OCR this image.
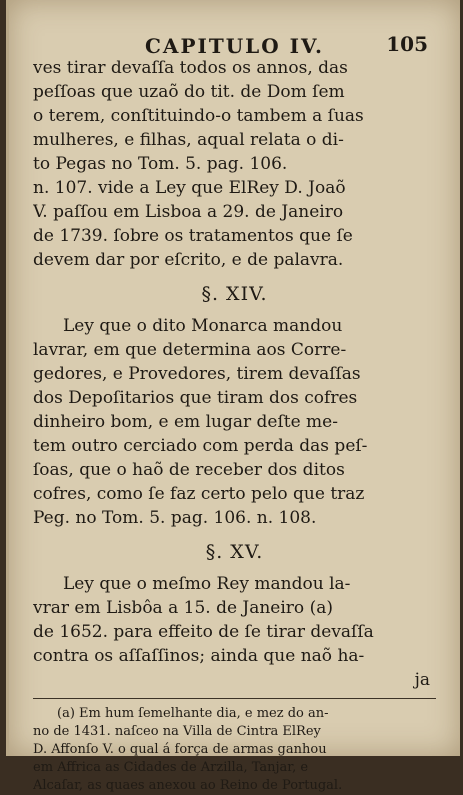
CAPITULO IV.	105
ves tirar devaſſa todos os annos, das
peſſoas que uzaõ do tit. de Dom ſem
o terem, conſtituindo-o tambem a ſuas
mulheres, e filhas, aqual relata o di-
to Pegas no Tom. 5. pag. 106.
n. 107. vide a Ley que ElRey D. Joaõ
V. paſſou em Lisboa a 29. de Janeiro
de 1739. ſobre os tratamentos que ſe
devem dar por eſcrito, e de palavra.
§. XIV.
Ley que o dito Monarca mandou
lavrar, em que determina aos Corre-
gedores, e Provedores, tirem devaſſas
dos Depoſitarios que tiram dos cofres
dinheiro bom, e em lugar deſte me-
tem outro cerciado com perda das peſ-
ſoas, que o haõ de receber dos ditos
cofres, como ſe faz certo pelo que traz
Peg. no Tom. 5. pag. 106. n. 108.
§. XV.
Ley que o meſmo Rey mandou la-
vrar em Lisbôa a 15. de Janeiro (a)
de 1652. para effeito de ſe tirar devaſſa
contra os aſſaſſinos; ainda que naõ ha-
ja
(a) Em hum ſemelhante dia, e mez do an-
no de 1431. naſceo na Villa de Cintra ElRey
D. Affonſo V. o qual á força de armas ganhou
em Affrica as Cidades de Arzilla, Tanjar, e
Alcaſar, as quaes anexou ao Reino de Portugal.
